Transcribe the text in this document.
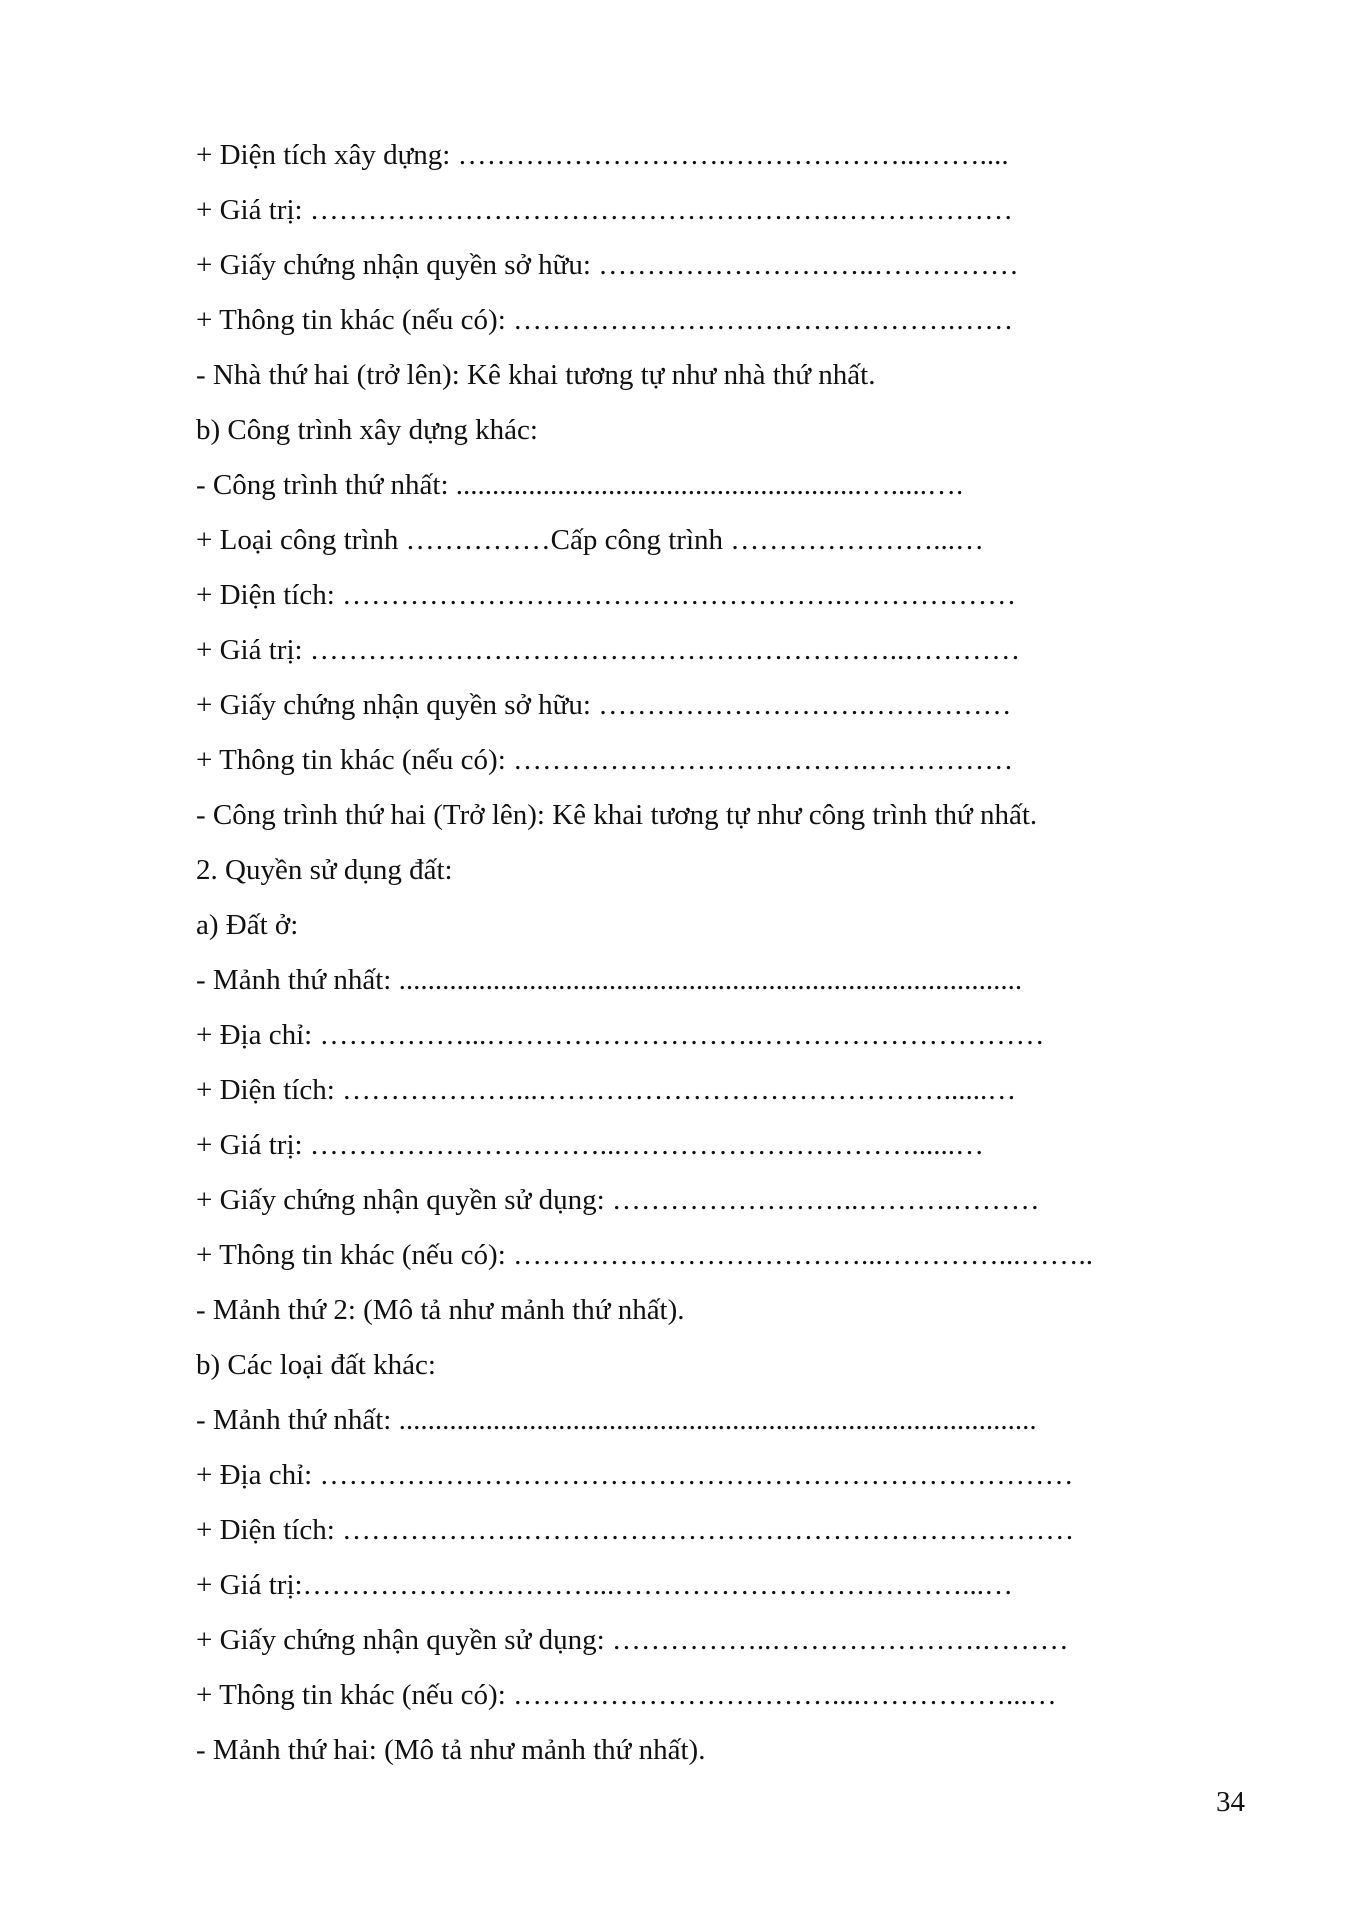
+ Diện tích xây dựng: ……………………….………………...……....
+ Giá trị: ……………………………………………….………………
+ Giấy chứng nhận quyền sở hữu: ………………………..……………
+ Thông tin khác (nếu có): ……………………………………….……
- Nhà thứ hai (trở lên): Kê khai tương tự như nhà thứ nhất.
b) Công trình xây dựng khác:
- Công trình thứ nhất: ........................................................….....….
+ Loại công trình ……………Cấp công trình …………………...…
+ Diện tích: …………………………………………….………………
+ Giá trị: ……………………………………………………..…………
+ Giấy chứng nhận quyền sở hữu: ……………………….……………
+ Thông tin khác (nếu có): ……………………………….……………
- Công trình thứ hai (Trở lên): Kê khai tương tự như công trình thứ nhất.
2. Quyền sử dụng đất:
a) Đất ở:
- Mảnh thứ nhất: ......................................................................................
+ Địa chỉ: ……………...……………………….…………………………
+ Diện tích: ………………...……………………………………......…
+ Giá trị: …………………………...…………………………......…
+ Giấy chứng nhận quyền sử dụng: ……………………..……….………
+ Thông tin khác (nếu có): ………………………………...…………...……..
- Mảnh thứ 2: (Mô tả như mảnh thứ nhất).
b) Các loại đất khác:
- Mảnh thứ nhất: ........................................................................................
+ Địa chỉ: ……………………………………………………………………
+ Diện tích: ……………….…………………………………………………
+ Giá trị:…………………………...………………………………...…
+ Giấy chứng nhận quyền sử dụng: ……………..………………….………
+ Thông tin khác (nếu có): ……………………………....……………...…
- Mảnh thứ hai: (Mô tả như mảnh thứ nhất).
34
